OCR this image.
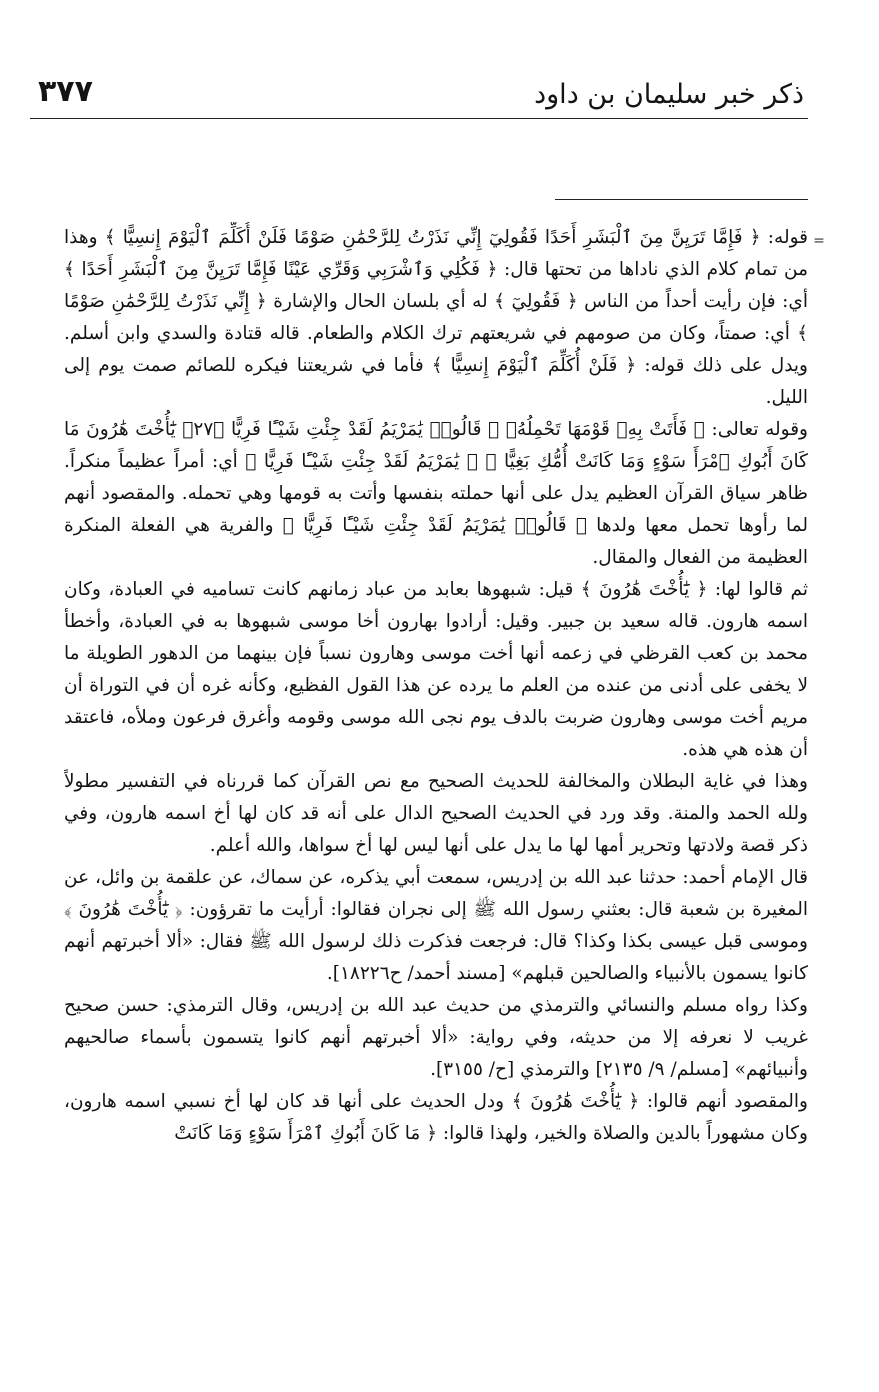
٣٧٧	ذكر خبر سليمان بن داود
=

قوله: ﴿ فَإِمَّا تَرَيِنَّ مِنَ ٱلْبَشَرِ أَحَدًا فَقُولِيٓ إِنِّي نَذَرْتُ لِلرَّحْمَٰنِ صَوْمًا فَلَنْ أُكَلِّمَ ٱلْيَوْمَ إِنسِيًّا ﴾ وهذا من تمام كلام الذي ناداها من تحتها قال: ﴿ فَكُلِي وَٱشْرَبِي وَقَرِّي عَيْنًا فَإِمَّا تَرَيِنَّ مِنَ ٱلْبَشَرِ أَحَدًا ﴾ أي: فإن رأيت أحداً من الناس ﴿ فَقُولِيٓ ﴾ له أي بلسان الحال والإشارة ﴿ إِنِّي نَذَرْتُ لِلرَّحْمَٰنِ صَوْمًا ﴾ أي: صمتاً، وكان من صومهم في شريعتهم ترك الكلام والطعام. قاله قتادة والسدي وابن أسلم. ويدل على ذلك قوله: ﴿ فَلَنْ أُكَلِّمَ ٱلْيَوْمَ إِنسِيًّا ﴾ فأما في شريعتنا فيكره للصائم صمت يوم إلى الليل.

وقوله تعالى: ﴿ فَأَتَتْ بِهِۦ قَوْمَهَا تَحْمِلُهُۥ ۖ قَالُوا۟ يَٰمَرْيَمُ لَقَدْ جِئْتِ شَيْـًٔا فَرِيًّا ﴿٢٧﴾ يَٰٓأُخْتَ هَٰرُونَ مَا كَانَ أَبُوكِ ٱمْرَأَ سَوْءٍ وَمَا كَانَتْ أُمُّكِ بَغِيًّا ﴾ ﴿ يَٰمَرْيَمُ لَقَدْ جِئْتِ شَيْـًٔا فَرِيًّا ﴾ أي: أمراً عظيماً منكراً. ظاهر سياق القرآن العظيم يدل على أنها حملته بنفسها وأتت به قومها وهي تحمله. والمقصود أنهم لما رأوها تحمل معها ولدها ﴿ قَالُوا۟ يَٰمَرْيَمُ لَقَدْ جِئْتِ شَيْـًٔا فَرِيًّا ﴾ والفرية هي الفعلة المنكرة العظيمة من الفعال والمقال.

ثم قالوا لها: ﴿ يَٰٓأُخْتَ هَٰرُونَ ﴾ قيل: شبهوها بعابد من عباد زمانهم كانت تساميه في العبادة، وكان اسمه هارون. قاله سعيد بن جبير. وقيل: أرادوا بهارون أخا موسى شبهوها به في العبادة، وأخطأ محمد بن كعب القرظي في زعمه أنها أخت موسى وهارون نسباً فإن بينهما من الدهور الطويلة ما لا يخفى على أدنى من عنده من العلم ما يرده عن هذا القول الفظيع، وكأنه غره أن في التوراة أن مريم أخت موسى وهارون ضربت بالدف يوم نجى الله موسى وقومه وأغرق فرعون وملأه، فاعتقد أن هذه هي هذه.

وهذا في غاية البطلان والمخالفة للحديث الصحيح مع نص القرآن كما قررناه في التفسير مطولاً ولله الحمد والمنة. وقد ورد في الحديث الصحيح الدال على أنه قد كان لها أخ اسمه هارون، وفي ذكر قصة ولادتها وتحرير أمها لها ما يدل على أنها ليس لها أخ سواها، والله أعلم.

قال الإمام أحمد: حدثنا عبد الله بن إدريس، سمعت أبي يذكره، عن سماك، عن علقمة بن وائل، عن المغيرة بن شعبة قال: بعثني رسول الله ﷺ إلى نجران فقالوا: أرأيت ما تقرؤون: ﴿ يَٰٓأُخْتَ هَٰرُونَ ﴾ وموسى قبل عيسى بكذا وكذا؟ قال: فرجعت فذكرت ذلك لرسول الله ﷺ فقال: «ألا أخبرتهم أنهم كانوا يسمون بالأنبياء والصالحين قبلهم» [مسند أحمد/ ح١٨٢٢٦].

وكذا رواه مسلم والنسائي والترمذي من حديث عبد الله بن إدريس، وقال الترمذي: حسن صحيح غريب لا نعرفه إلا من حديثه، وفي رواية: «ألا أخبرتهم أنهم كانوا يتسمون بأسماء صالحيهم وأنبيائهم» [مسلم/ ٩/ ٢١٣٥] والترمذي [ح/ ٣١٥٥].

والمقصود أنهم قالوا: ﴿ يَٰٓأُخْتَ هَٰرُونَ ﴾ ودل الحديث على أنها قد كان لها أخ نسبي اسمه هارون، وكان مشهوراً بالدين والصلاة والخير، ولهذا قالوا: ﴿ مَا كَانَ أَبُوكِ ٱمْرَأَ سَوْءٍ وَمَا كَانَتْ
